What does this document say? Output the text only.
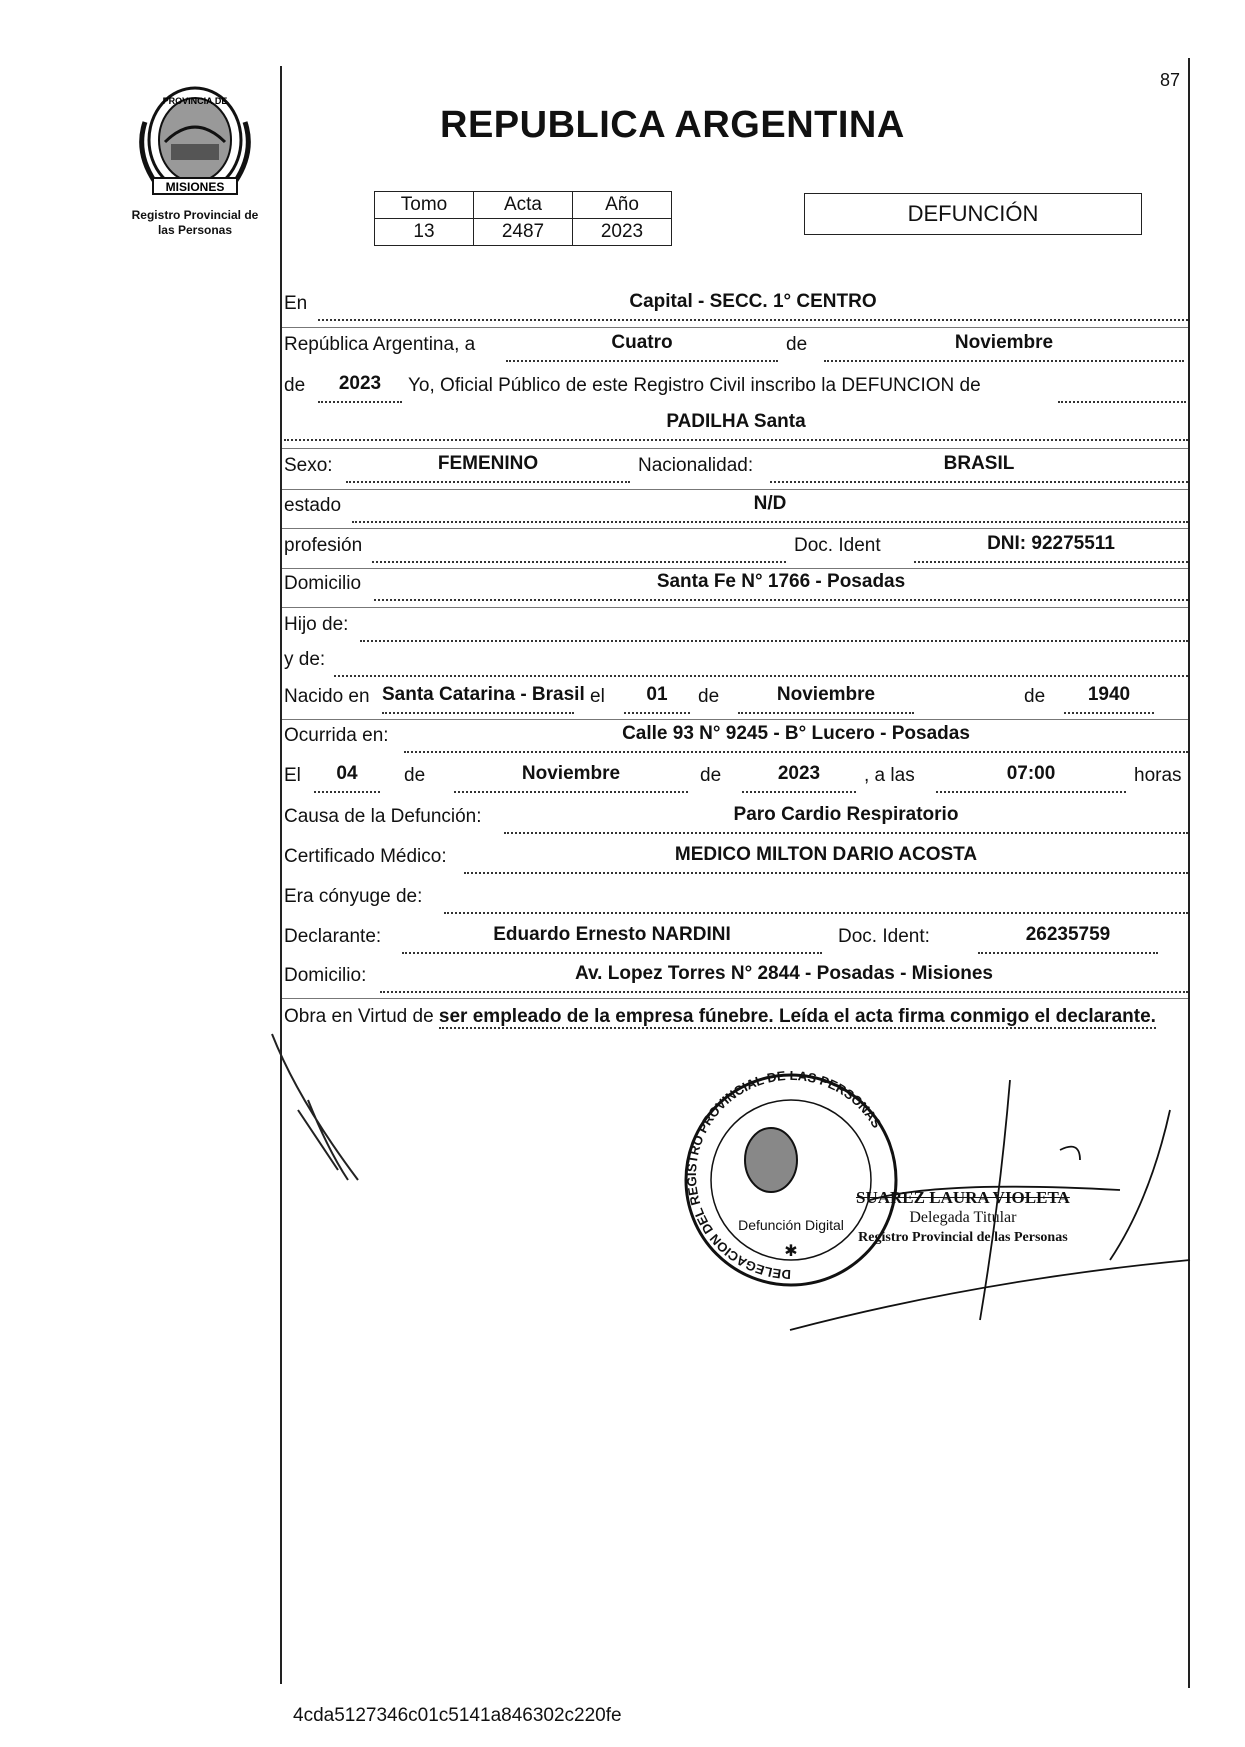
87
MISIONES
PROVINCIA DE
Registro Provincial de
las Personas
REPUBLICA ARGENTINA
Tomo	Acta	Año
13	2487	2023
DEFUNCIÓN
En	Capital - SECC. 1° CENTRO
República Argentina, a	Cuatro	de	Noviembre
de	2023	Yo, Oficial Público de este Registro Civil inscribo la DEFUNCION de
PADILHA Santa
Sexo:	FEMENINO	Nacionalidad:	BRASIL
estado	N/D
profesión	Doc. Ident	DNI: 92275511
Domicilio	Santa Fe N° 1766 - Posadas
Hijo de:
y de:
Nacido en Santa Catarina - Brasil el	01	de	Noviembre	de	1940
Ocurrida en:	Calle 93 N° 9245 - B° Lucero - Posadas
El	04	de	Noviembre	de	2023	, a las	07:00	horas
Causa de la Defunción:	Paro Cardio Respiratorio
Certificado Médico:	MEDICO MILTON DARIO ACOSTA
Era cónyuge de:
Declarante:	Eduardo Ernesto NARDINI	Doc. Ident:	26235759
Domicilio:	Av. Lopez Torres N° 2844 - Posadas - Misiones
Obra en Virtud de ser empleado de la empresa fúnebre. Leída el acta firma conmigo el declarante.
DELEGACION DEL REGISTRO PROVINCIAL DE LAS PERSONAS
Defunción Digital
✱
SUAREZ LAURA VIOLETA
Delegada Titular
Registro Provincial de las Personas
4cda5127346c01c5141a846302c220fe
